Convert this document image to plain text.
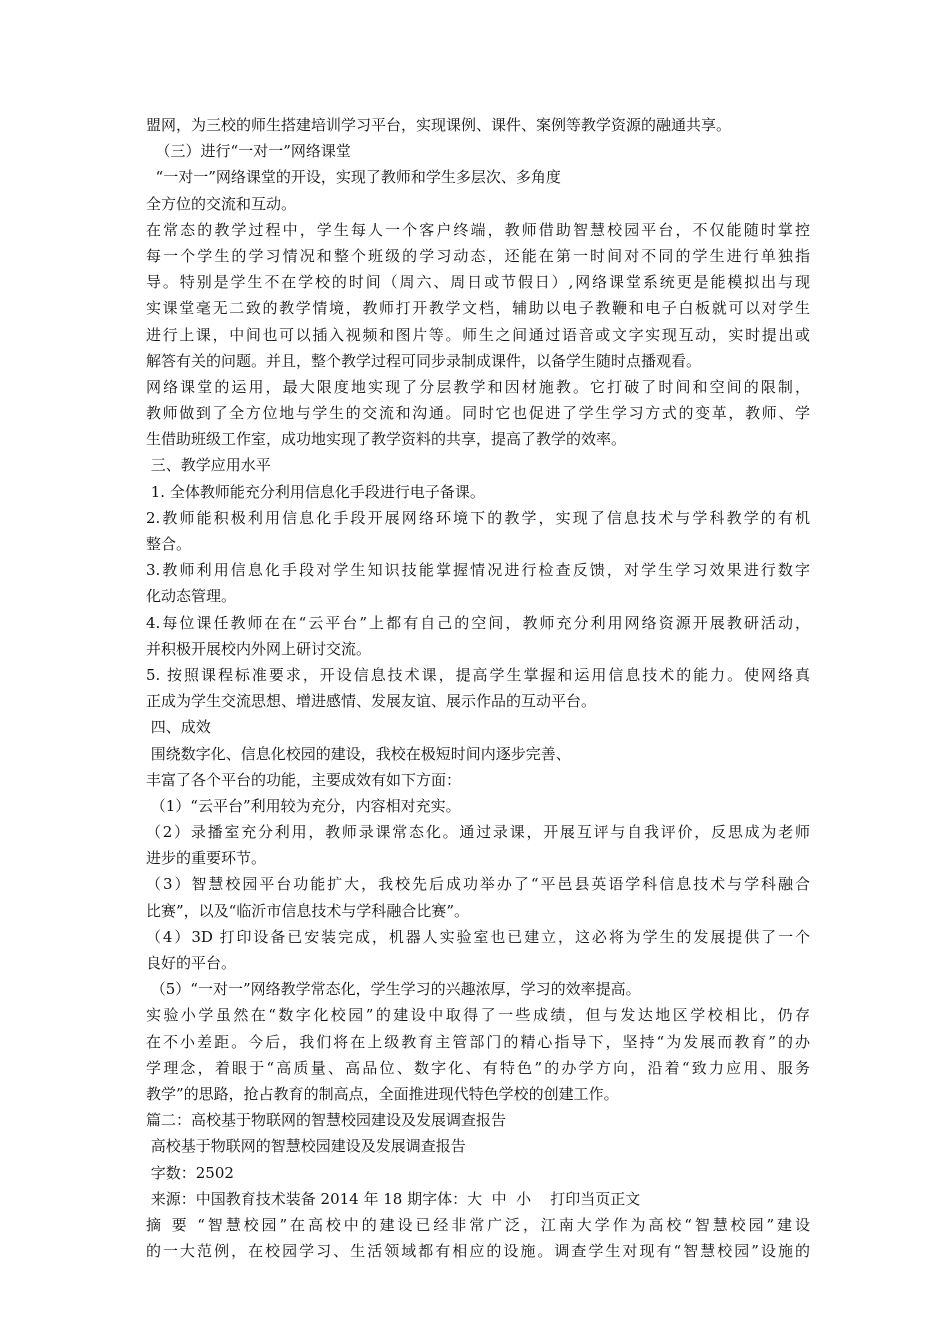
盟网，为三校的师生搭建培训学习平台，实现课例、课件、案例等教学资源的融通共享。
（三）进行“一对一”网络课堂
“一对一”网络课堂的开设，实现了教师和学生多层次、多角度
全方位的交流和互动。
在常态的教学过程中，学生每人一个客户终端，教师借助智慧校园平台，不仅能随时掌控
每一个学生的学习情况和整个班级的学习动态，还能在第一时间对不同的学生进行单独指
导。特别是学生不在学校的时间（周六、周日或节假日）,网络课堂系统更是能模拟出与现
实课堂毫无二致的教学情境，教师打开教学文档，辅助以电子教鞭和电子白板就可以对学生
进行上课，中间也可以插入视频和图片等。师生之间通过语音或文字实现互动，实时提出或
解答有关的问题。并且，整个教学过程可同步录制成课件，以备学生随时点播观看。
网络课堂的运用，最大限度地实现了分层教学和因材施教。它打破了时间和空间的限制，
教师做到了全方位地与学生的交流和沟通。同时它也促进了学生学习方式的变革，教师、学
生借助班级工作室，成功地实现了教学资料的共享，提高了教学的效率。
三、教学应用水平
1. 全体教师能充分利用信息化手段进行电子备课。
2.教师能积极利用信息化手段开展网络环境下的教学，实现了信息技术与学科教学的有机
整合。
3.教师利用信息化手段对学生知识技能掌握情况进行检查反馈，对学生学习效果进行数字
化动态管理。
4.每位课任教师在在“云平台”上都有自己的空间，教师充分利用网络资源开展教研活动，
并积极开展校内外网上研讨交流。
5. 按照课程标准要求，开设信息技术课，提高学生掌握和运用信息技术的能力。使网络真
正成为学生交流思想、增进感情、发展友谊、展示作品的互动平台。
四、成效
围绕数字化、信息化校园的建设，我校在极短时间内逐步完善、
丰富了各个平台的功能，主要成效有如下方面：
（1）“云平台”利用较为充分，内容相对充实。
（2）录播室充分利用，教师录课常态化。通过录课，开展互评与自我评价，反思成为老师
进步的重要环节。
（3）智慧校园平台功能扩大，我校先后成功举办了“平邑县英语学科信息技术与学科融合
比赛”，以及“临沂市信息技术与学科融合比赛”。
（4）3D 打印设备已安装完成，机器人实验室也已建立，这必将为学生的发展提供了一个
良好的平台。
（5）“一对一”网络教学常态化，学生学习的兴趣浓厚，学习的效率提高。
实验小学虽然在“数字化校园”的建设中取得了一些成绩，但与发达地区学校相比，仍存
在不小差距。今后，我们将在上级教育主管部门的精心指导下，坚持“为发展而教育”的办
学理念，着眼于“高质量、高品位、数字化、有特色”的办学方向，沿着“致力应用、服务
教学”的思路，抢占教育的制高点，全面推进现代特色学校的创建工作。
篇二：高校基于物联网的智慧校园建设及发展调查报告
高校基于物联网的智慧校园建设及发展调查报告
字数：2502
来源：中国教育技术装备 2014 年 18 期字体：大  中  小    打印当页正文
摘 要 “智慧校园”在高校中的建设已经非常广泛，江南大学作为高校“智慧校园”建设
的一大范例，在校园学习、生活领域都有相应的设施。调查学生对现有“智慧校园”设施的
